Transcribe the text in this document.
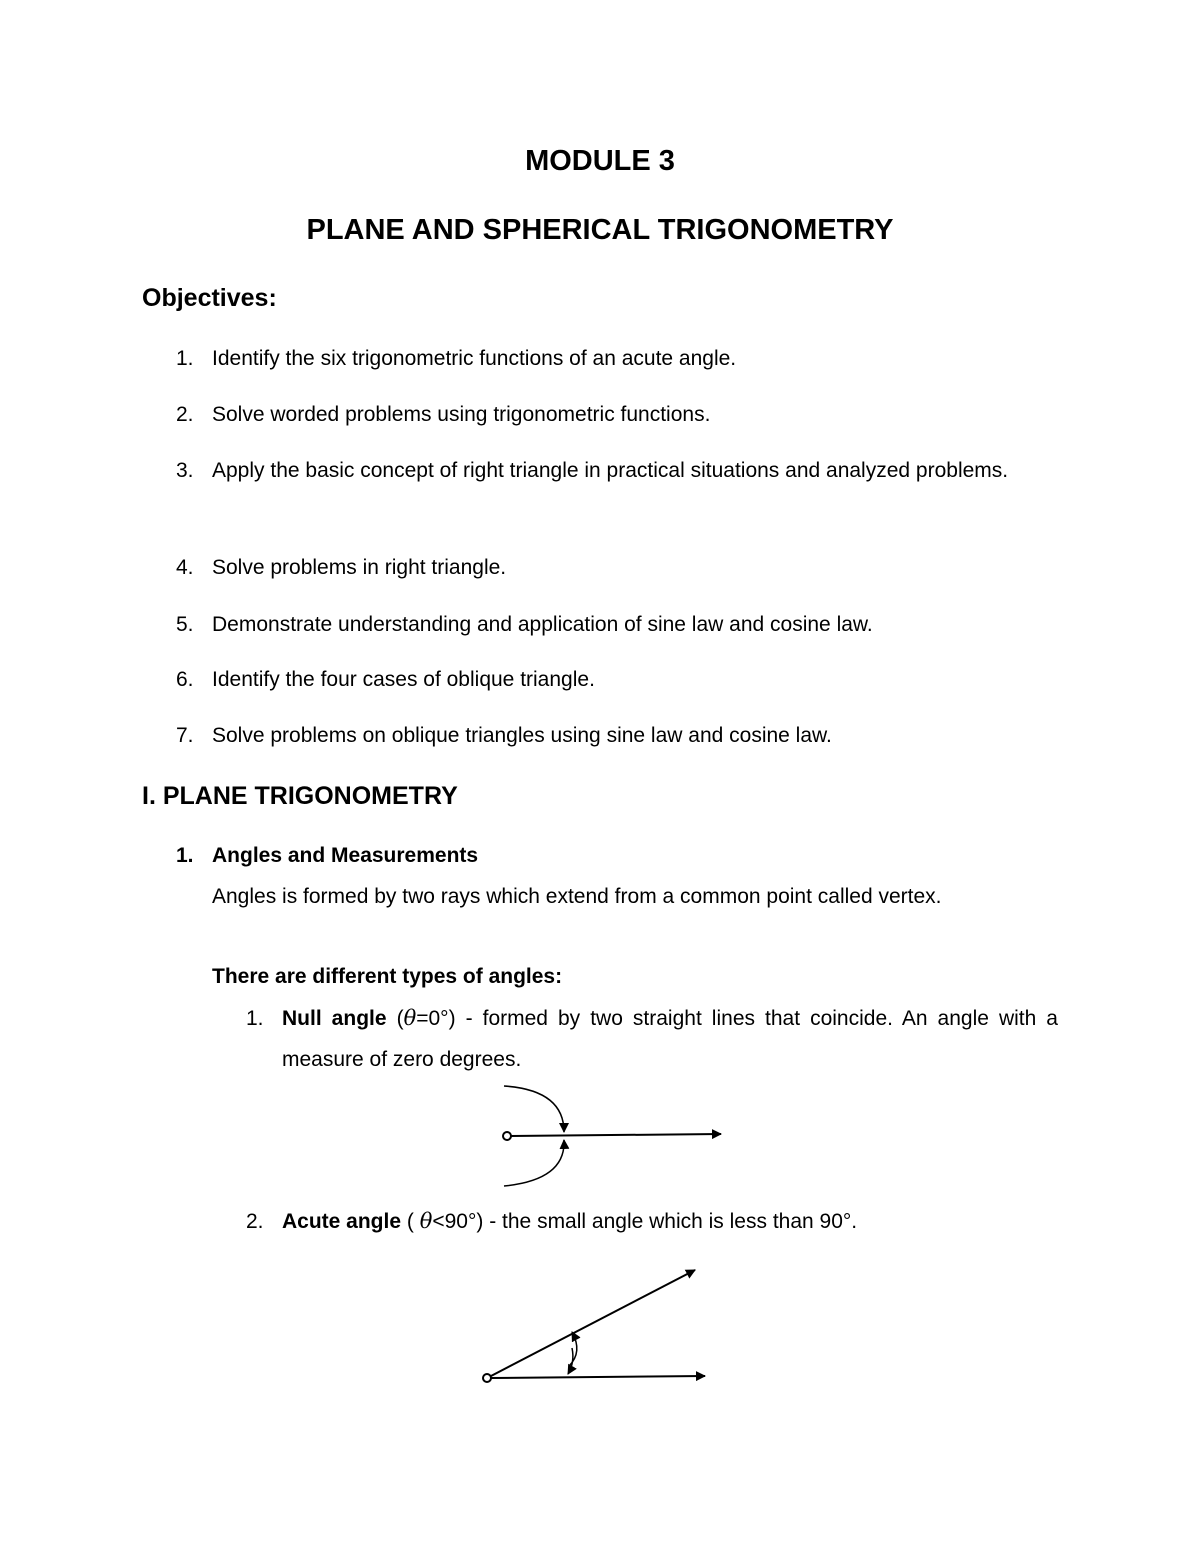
MODULE 3
PLANE AND SPHERICAL TRIGONOMETRY
Objectives:
1. Identify the six trigonometric functions of an acute angle.
2. Solve worded problems using trigonometric functions.
3. Apply the basic concept of right triangle in practical situations and analyzed problems.
4. Solve problems in right triangle.
5. Demonstrate understanding and application of sine law and cosine law.
6. Identify the four cases of oblique triangle.
7. Solve problems on oblique triangles using sine law and cosine law.
I. PLANE TRIGONOMETRY
1. Angles and Measurements
Angles is formed by two rays which extend from a common point called vertex.
There are different types of angles:
1. Null angle (θ=0°) - formed by two straight lines that coincide. An angle with a measure of zero degrees.
2. Acute angle ( θ<90°) - the small angle which is less than 90°.
